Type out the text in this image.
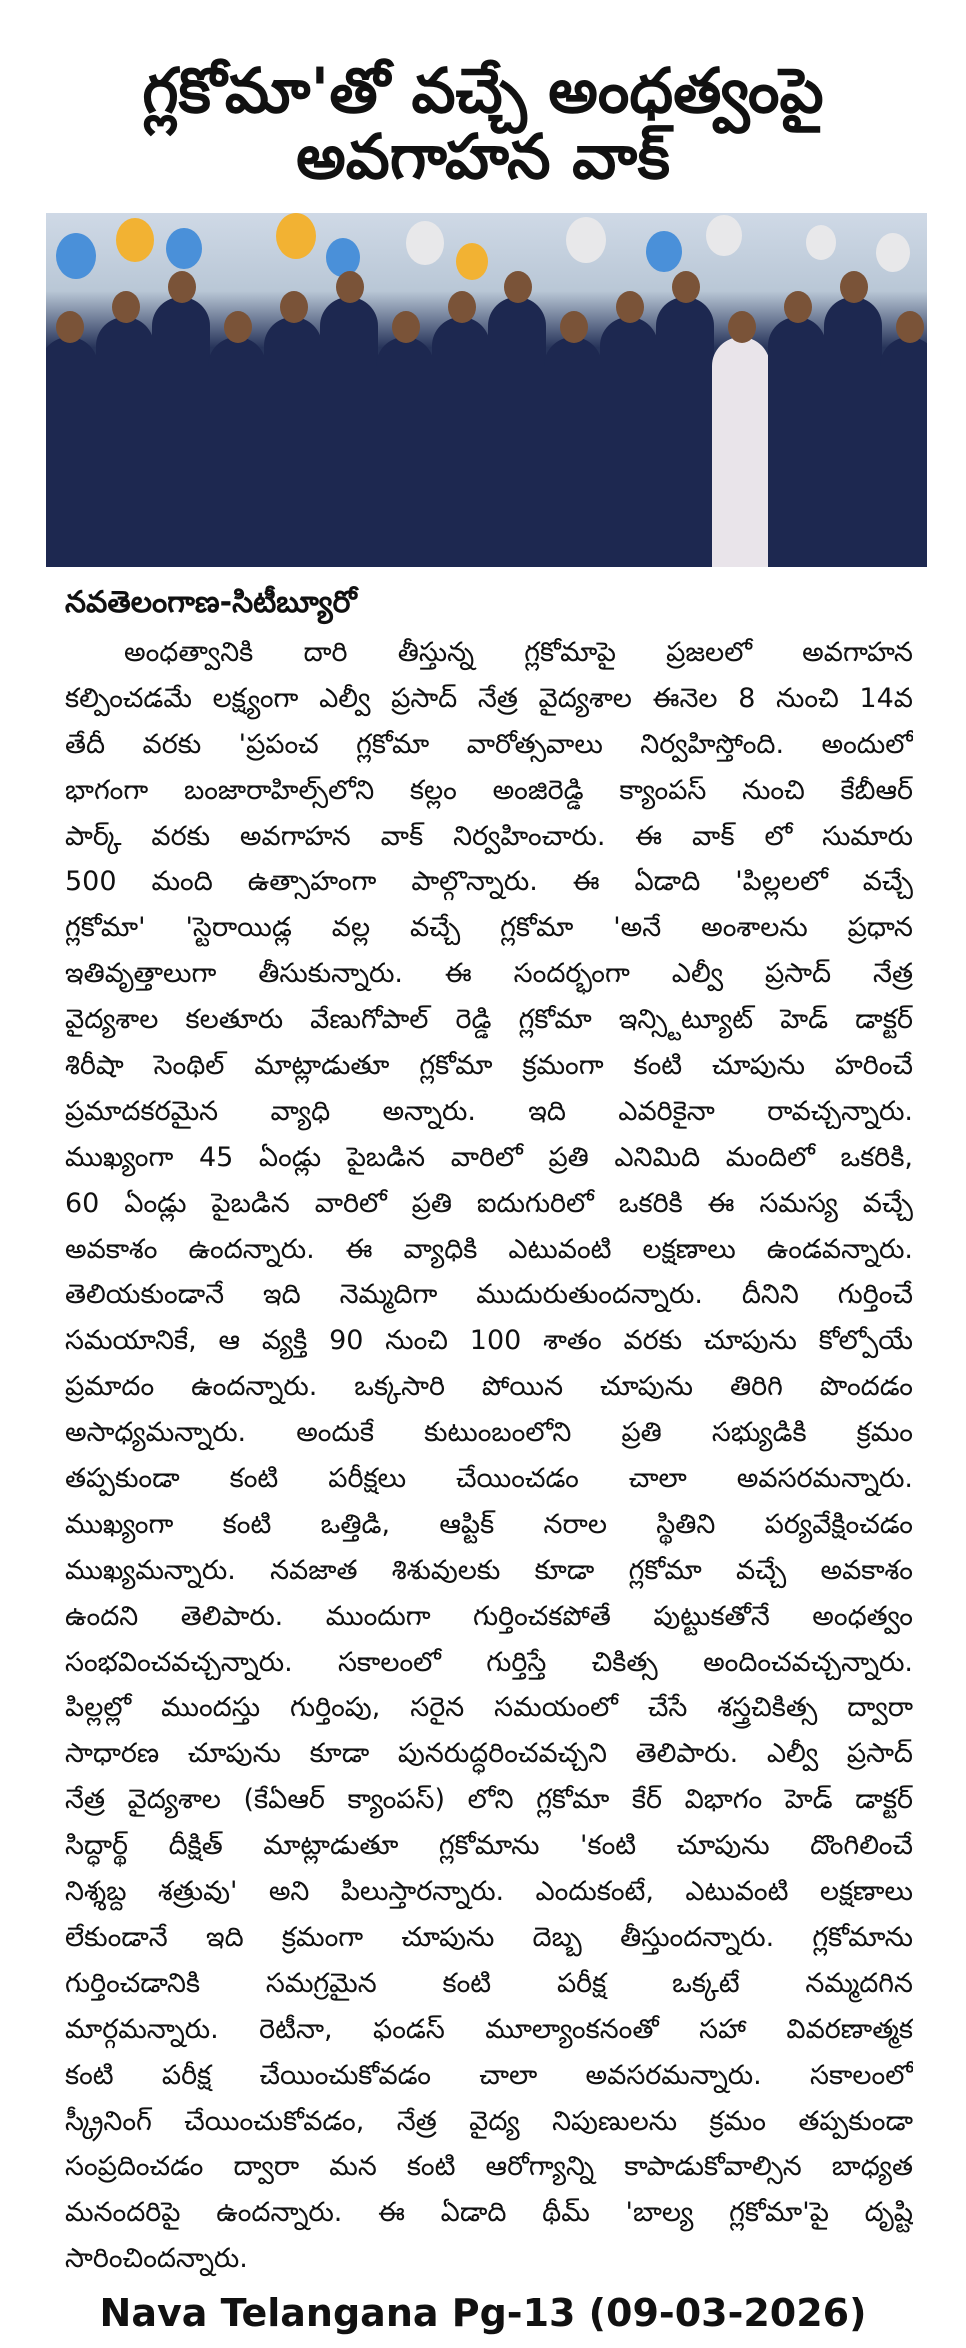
గ్లకోమా'తో వచ్చే అంధత్వంపై
అవగాహన వాక్
నవతెలంగాణ-సిటీబ్యూరో
అంధత్వానికి దారి తీస్తున్న గ్లకోమాపై ప్రజలలో అవగాహన
కల్పించడమే లక్ష్యంగా ఎల్వీ ప్రసాద్ నేత్ర వైద్యశాల ఈనెల 8 నుంచి 14వ
తేదీ వరకు 'ప్రపంచ గ్లకోమా వారోత్సవాలు నిర్వహిస్తోంది. అందులో
భాగంగా బంజారాహిల్స్‌లోని కల్లం అంజిరెడ్డి క్యాంపస్ నుంచి కేబీఆర్
పార్క్ వరకు అవగాహన వాక్ నిర్వహించారు. ఈ వాక్ లో సుమారు
500 మంది ఉత్సాహంగా పాల్గొన్నారు. ఈ ఏడాది 'పిల్లలలో వచ్చే
గ్లకోమా' 'స్టెరాయిడ్ల వల్ల వచ్చే గ్లకోమా 'అనే అంశాలను ప్రధాన
ఇతివృత్తాలుగా తీసుకున్నారు. ఈ సందర్భంగా ఎల్వీ ప్రసాద్ నేత్ర
వైద్యశాల కలతూరు వేణుగోపాల్ రెడ్డి గ్లకోమా ఇన్స్టిట్యూట్ హెడ్ డాక్టర్
శిరీషా సెంథిల్ మాట్లాడుతూ గ్లకోమా క్రమంగా కంటి చూపును హరించే
ప్రమాదకరమైన వ్యాధి అన్నారు. ఇది ఎవరికైనా రావచ్చన్నారు.
ముఖ్యంగా 45 ఏండ్లు పైబడిన వారిలో ప్రతి ఎనిమిది మందిలో ఒకరికి,
60 ఏండ్లు పైబడిన వారిలో ప్రతి ఐదుగురిలో ఒకరికి ఈ సమస్య వచ్చే
అవకాశం ఉందన్నారు. ఈ వ్యాధికి ఎటువంటి లక్షణాలు ఉండవన్నారు.
తెలియకుండానే ఇది నెమ్మదిగా ముదురుతుందన్నారు. దీనిని గుర్తించే
సమయానికే, ఆ వ్యక్తి 90 నుంచి 100 శాతం వరకు చూపును కోల్పోయే
ప్రమాదం ఉందన్నారు. ఒక్కసారి పోయిన చూపును తిరిగి పొందడం
అసాధ్యమన్నారు. అందుకే కుటుంబంలోని ప్రతి సభ్యుడికి క్రమం
తప్పకుండా కంటి పరీక్షలు చేయించడం చాలా అవసరమన్నారు.
ముఖ్యంగా కంటి ఒత్తిడి, ఆప్టిక్ నరాల స్థితిని పర్యవేక్షించడం
ముఖ్యమన్నారు. నవజాత శిశువులకు కూడా గ్లకోమా వచ్చే అవకాశం
ఉందని తెలిపారు. ముందుగా గుర్తించకపోతే పుట్టుకతోనే అంధత్వం
సంభవించవచ్చన్నారు. సకాలంలో గుర్తిస్తే చికిత్స అందించవచ్చన్నారు.
పిల్లల్లో ముందస్తు గుర్తింపు, సరైన సమయంలో చేసే శస్త్రచికిత్స ద్వారా
సాధారణ చూపును కూడా పునరుద్ధరించవచ్చని తెలిపారు. ఎల్వీ ప్రసాద్
నేత్ర వైద్యశాల (కేఏఆర్ క్యాంపస్) లోని గ్లకోమా కేర్ విభాగం హెడ్ డాక్టర్
సిద్ధార్థ్ దీక్షిత్ మాట్లాడుతూ గ్లకోమాను 'కంటి చూపును దొంగిలించే
నిశ్శబ్ద శత్రువు' అని పిలుస్తారన్నారు. ఎందుకంటే, ఎటువంటి లక్షణాలు
లేకుండానే ఇది క్రమంగా చూపును దెబ్బ తీస్తుందన్నారు. గ్లకోమాను
గుర్తించడానికి సమగ్రమైన కంటి పరీక్ష ఒక్కటే నమ్మదగిన
మార్గమన్నారు. రెటీనా, ఫండస్ మూల్యాంకనంతో సహా వివరణాత్మక
కంటి పరీక్ష చేయించుకోవడం చాలా అవసరమన్నారు. సకాలంలో
స్క్రీనింగ్ చేయించుకోవడం, నేత్ర వైద్య నిపుణులను క్రమం తప్పకుండా
సంప్రదించడం ద్వారా మన కంటి ఆరోగ్యాన్ని కాపాడుకోవాల్సిన బాధ్యత
మనందరిపై ఉందన్నారు. ఈ ఏడాది థీమ్ 'బాల్య గ్లకోమా'పై దృష్టి
సారించిందన్నారు.
Nava Telangana Pg-13 (09-03-2026)
